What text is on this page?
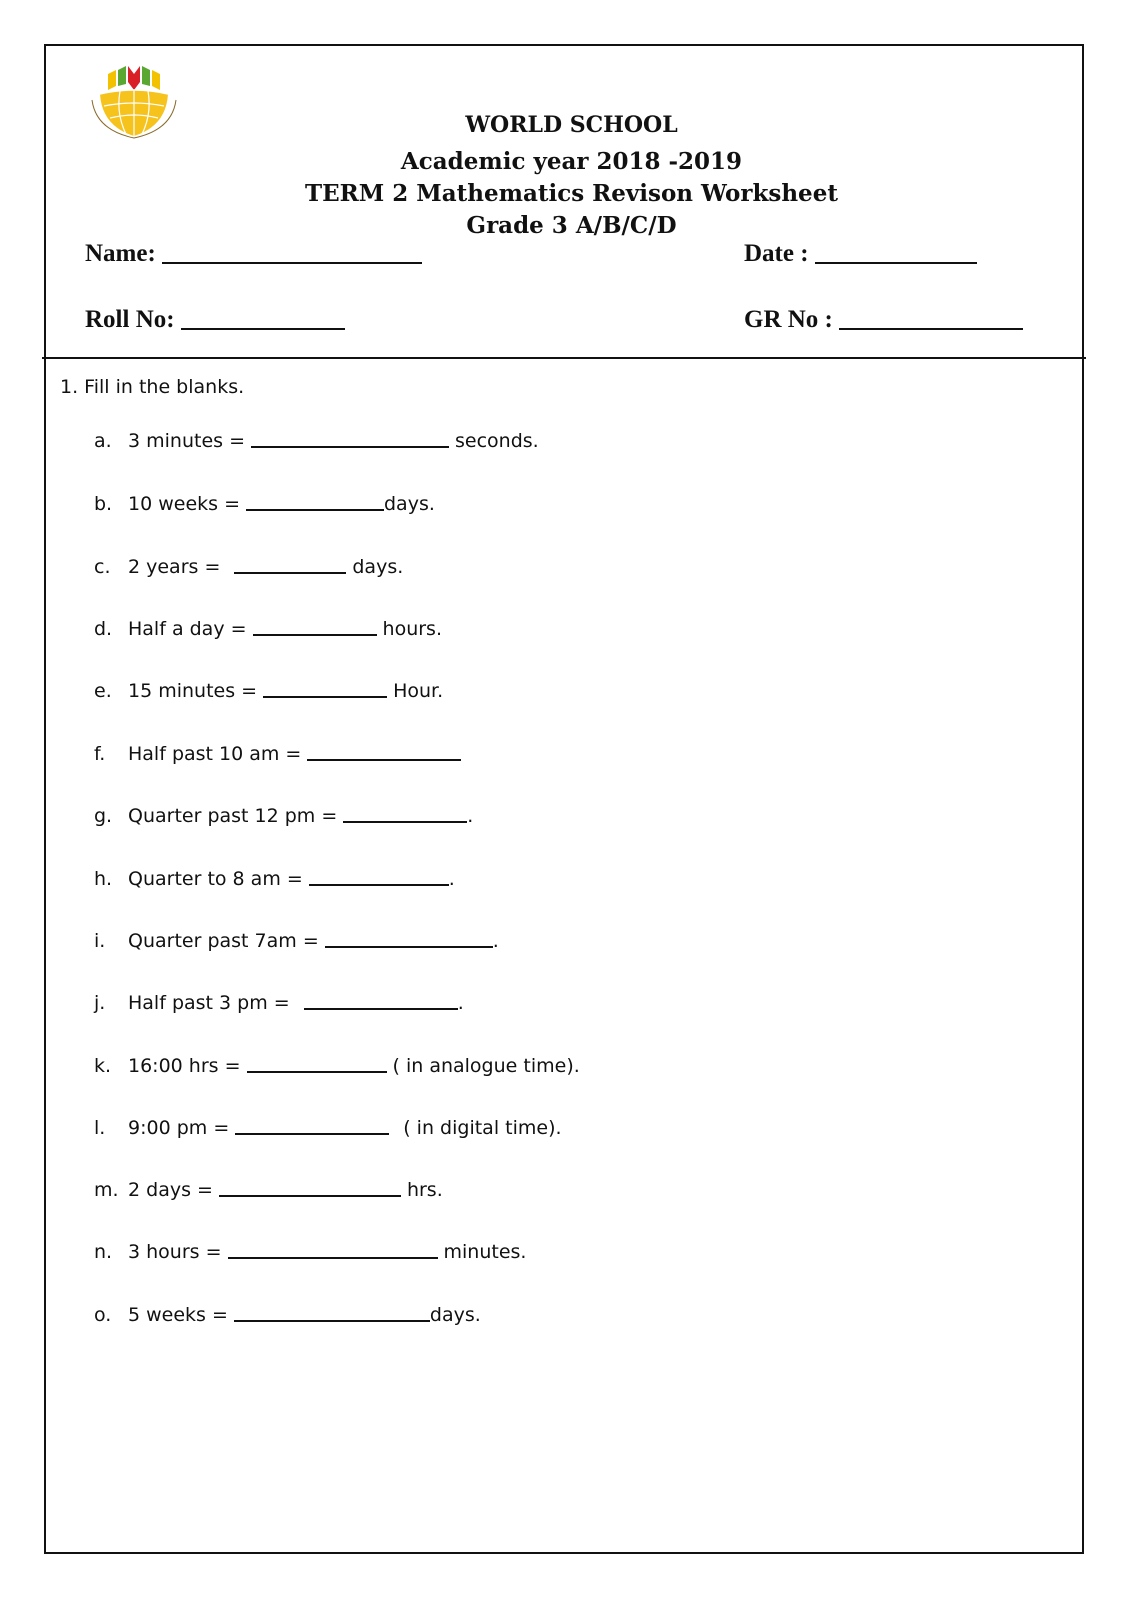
WORLD SCHOOL
Academic year 2018 -2019
TERM 2 Mathematics Revison Worksheet
Grade 3 A/B/C/D
Name:	Date :
Roll No:	GR No :
1. Fill in the blanks.
a. 3 minutes =	seconds.
b. 10 weeks =	days.
c. 2 years =	days.
d. Half a day =	hours.
e. 15 minutes =	Hour.
f.	Half past 10 am =
g. Quarter past 12 pm =	.
h. Quarter to 8 am =	.
i.	Quarter past 7am =	.
j.	Half past 3 pm =	.
k. 16:00 hrs =	( in analogue time).
l.	9:00 pm =	( in digital time).
m. 2 days =	hrs.
n. 3 hours =	minutes.
o. 5 weeks =	days.
